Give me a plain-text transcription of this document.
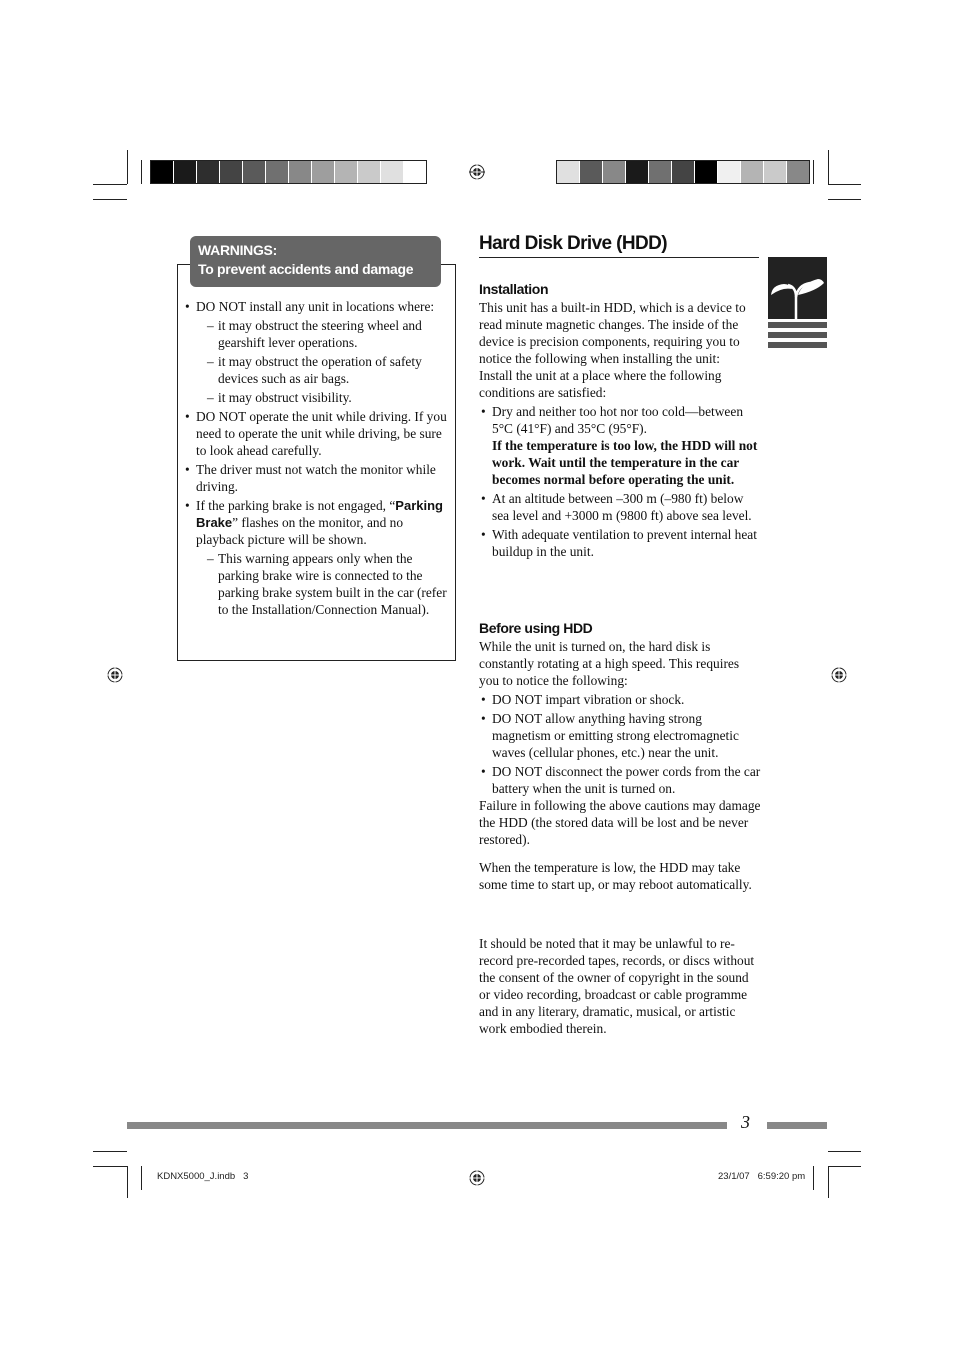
WARNINGS:
To prevent accidents and damage
• DO NOT install any unit in locations where:
– it may obstruct the steering wheel and gearshift lever operations.
– it may obstruct the operation of safety devices such as air bags.
– it may obstruct visibility.
• DO NOT operate the unit while driving. If you need to operate the unit while driving, be sure to look ahead carefully.
• The driver must not watch the monitor while driving.
• If the parking brake is not engaged, “Parking Brake” flashes on the monitor, and no playback picture will be shown.
– This warning appears only when the parking brake wire is connected to the parking brake system built in the car (refer to the Installation/Connection Manual).
Hard Disk Drive (HDD)
Installation

This unit has a built-in HDD, which is a device to read minute magnetic changes. The inside of the device is precision components, requiring you to notice the following when installing the unit:

Install the unit at a place where the following conditions are satisfied:

• Dry and neither too hot nor too cold—between 5°C (41°F) and 35°C (95°F).
If the temperature is too low, the HDD will not work. Wait until the temperature in the car becomes normal before operating the unit.
• At an altitude between –300 m (–980 ft) below sea level and +3000 m (9800 ft) above sea level.
• With adequate ventilation to prevent internal heat buildup in the unit.
Before using HDD

While the unit is turned on, the hard disk is constantly rotating at a high speed. This requires you to notice the following:

• DO NOT impart vibration or shock.
• DO NOT allow anything having strong magnetism or emitting strong electromagnetic waves (cellular phones, etc.) near the unit.
• DO NOT disconnect the power cords from the car battery when the unit is turned on.

Failure in following the above cautions may damage the HDD (the stored data will be lost and be never restored).

When the temperature is low, the HDD may take some time to start up, or may reboot automatically.
It should be noted that it may be unlawful to re-record pre-recorded tapes, records, or discs without the consent of the owner of copyright in the sound or video recording, broadcast or cable programme and in any literary, dramatic, musical, or artistic work embodied therein.
3
KDNX5000_J.indb   3	23/1/07   6:59:20 pm
